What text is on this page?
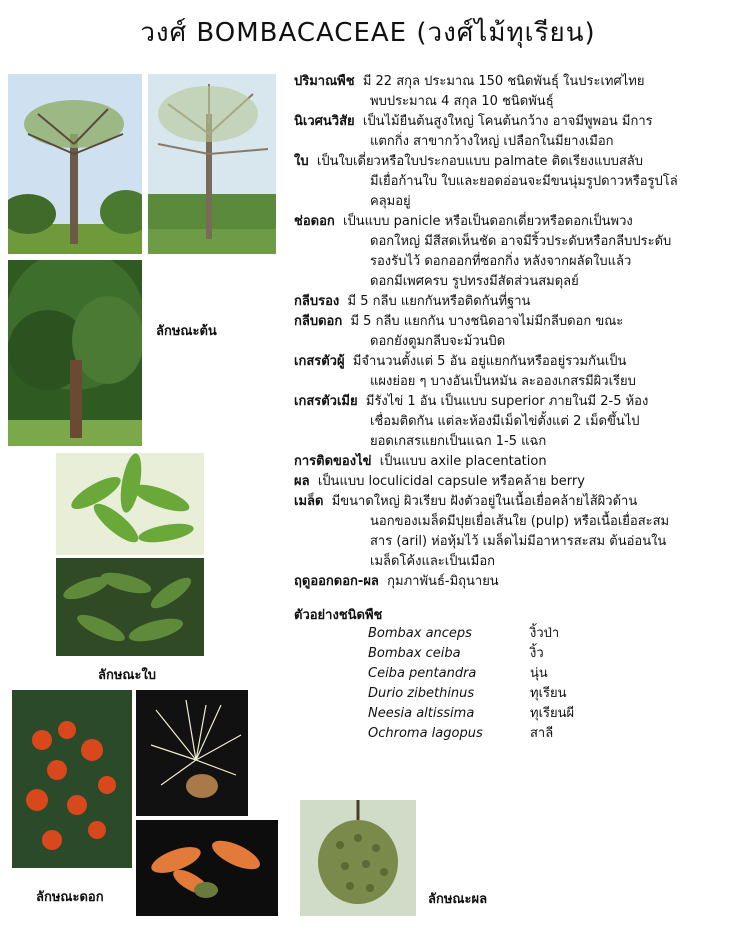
วงศ์ BOMBACACEAE (วงศ์ไม้ทุเรียน)
ลักษณะต้น
ลักษณะใบ
ลักษณะดอก	ลักษณะผล
ปริมาณพืช มี 22 สกุล ประมาณ 150 ชนิดพันธุ์ ในประเทศไทย
พบประมาณ 4 สกุล 10 ชนิดพันธุ์
นิเวศนวิสัย เป็นไม้ยืนต้นสูงใหญ่ โคนต้นกว้าง อาจมีพูพอน มีการ
แตกกิ่ง สาขากว้างใหญ่ เปลือกในมียางเมือก
ใบ เป็นใบเดี่ยวหรือใบประกอบแบบ palmate ติดเรียงแบบสลับ
มีเยื่อก้านใบ ใบและยอดอ่อนจะมีขนนุ่มรูปดาวหรือรูปโล่
คลุมอยู่
ช่อดอก เป็นแบบ panicle หรือเป็นดอกเดี่ยวหรือดอกเป็นพวง
ดอกใหญ่ มีสีสดเห็นชัด อาจมีริ้วประดับหรือกลีบประดับ
รองรับไว้ ดอกออกที่ซอกกิ่ง หลังจากผลัดใบแล้ว
ดอกมีเพศครบ รูปทรงมีสัดส่วนสมดุลย์
กลีบรอง มี 5 กลีบ แยกกันหรือติดกันที่ฐาน
กลีบดอก มี 5 กลีบ แยกกัน บางชนิดอาจไม่มีกลีบดอก ขณะ
ดอกยังตูมกลีบจะม้วนบิด
เกสรตัวผู้ มีจำนวนตั้งแต่ 5 อัน อยู่แยกกันหรืออยู่รวมกันเป็น
แผงย่อย ๆ บางอันเป็นหมัน ละอองเกสรมีผิวเรียบ
เกสรตัวเมีย มีรังไข่ 1 อัน เป็นแบบ superior ภายในมี 2-5 ห้อง
เชื่อมติดกัน แต่ละห้องมีเม็ดไข่ตั้งแต่ 2 เม็ดขึ้นไป
ยอดเกสรแยกเป็นแฉก 1-5 แฉก
การติดของไข่ เป็นแบบ axile placentation
ผล เป็นแบบ loculicidal capsule หรือคล้าย berry
เมล็ด มีขนาดใหญ่ ผิวเรียบ ฝังตัวอยู่ในเนื้อเยื่อคล้ายไส้ผิวด้าน
นอกของเมล็ดมีปุยเยื่อเส้นใย (pulp) หรือเนื้อเยื่อสะสม
สาร (aril) ห่อหุ้มไว้ เมล็ดไม่มีอาหารสะสม ต้นอ่อนใน
เมล็ดโค้งและเป็นเมือก
ฤดูออกดอก-ผล กุมภาพันธ์-มิถุนายน
ตัวอย่างชนิดพืช
Bombax anceps	งิ้วป่า
Bombax ceiba	งิ้ว
Ceiba pentandra	นุ่น
Durio zibethinus	ทุเรียน
Neesia altissima	ทุเรียนผี
Ochroma lagopus	สาลี
